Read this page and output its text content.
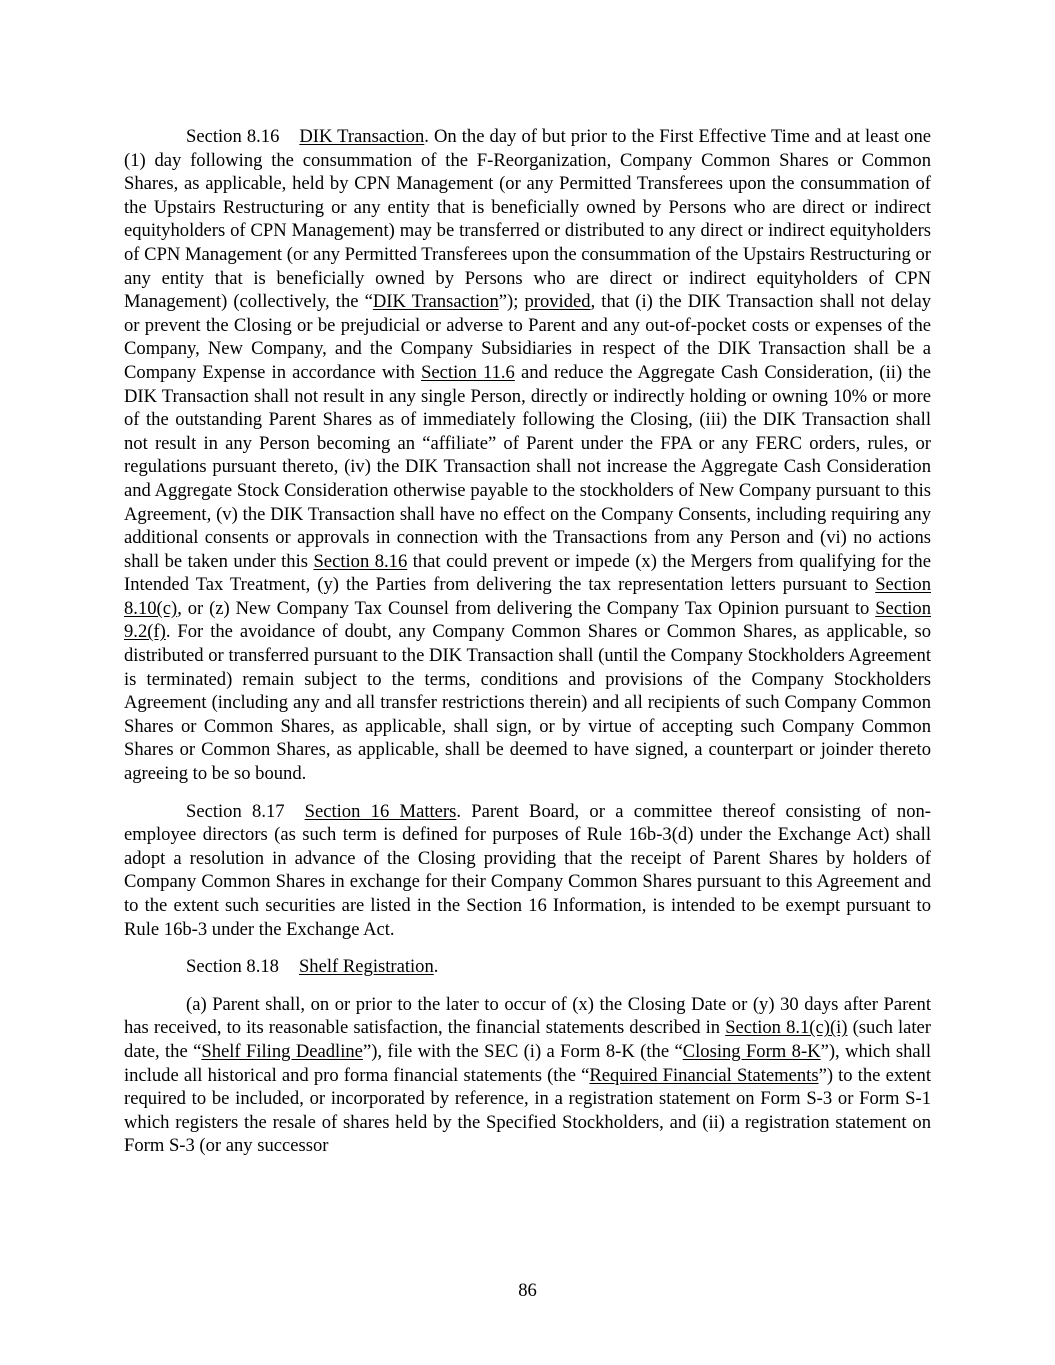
Section 8.16 DIK Transaction. On the day of but prior to the First Effective Time and at least one (1) day following the consummation of the F-Reorganization, Company Common Shares or Common Shares, as applicable, held by CPN Management (or any Permitted Transferees upon the consummation of the Upstairs Restructuring or any entity that is beneficially owned by Persons who are direct or indirect equityholders of CPN Management) may be transferred or distributed to any direct or indirect equityholders of CPN Management (or any Permitted Transferees upon the consummation of the Upstairs Restructuring or any entity that is beneficially owned by Persons who are direct or indirect equityholders of CPN Management) (collectively, the “DIK Transaction”); provided, that (i) the DIK Transaction shall not delay or prevent the Closing or be prejudicial or adverse to Parent and any out-of-pocket costs or expenses of the Company, New Company, and the Company Subsidiaries in respect of the DIK Transaction shall be a Company Expense in accordance with Section 11.6 and reduce the Aggregate Cash Consideration, (ii) the DIK Transaction shall not result in any single Person, directly or indirectly holding or owning 10% or more of the outstanding Parent Shares as of immediately following the Closing, (iii) the DIK Transaction shall not result in any Person becoming an “affiliate” of Parent under the FPA or any FERC orders, rules, or regulations pursuant thereto, (iv) the DIK Transaction shall not increase the Aggregate Cash Consideration and Aggregate Stock Consideration otherwise payable to the stockholders of New Company pursuant to this Agreement, (v) the DIK Transaction shall have no effect on the Company Consents, including requiring any additional consents or approvals in connection with the Transactions from any Person and (vi) no actions shall be taken under this Section 8.16 that could prevent or impede (x) the Mergers from qualifying for the Intended Tax Treatment, (y) the Parties from delivering the tax representation letters pursuant to Section 8.10(c), or (z) New Company Tax Counsel from delivering the Company Tax Opinion pursuant to Section 9.2(f). For the avoidance of doubt, any Company Common Shares or Common Shares, as applicable, so distributed or transferred pursuant to the DIK Transaction shall (until the Company Stockholders Agreement is terminated) remain subject to the terms, conditions and provisions of the Company Stockholders Agreement (including any and all transfer restrictions therein) and all recipients of such Company Common Shares or Common Shares, as applicable, shall sign, or by virtue of accepting such Company Common Shares or Common Shares, as applicable, shall be deemed to have signed, a counterpart or joinder thereto agreeing to be so bound.

Section 8.17 Section 16 Matters. Parent Board, or a committee thereof consisting of non-employee directors (as such term is defined for purposes of Rule 16b-3(d) under the Exchange Act) shall adopt a resolution in advance of the Closing providing that the receipt of Parent Shares by holders of Company Common Shares in exchange for their Company Common Shares pursuant to this Agreement and to the extent such securities are listed in the Section 16 Information, is intended to be exempt pursuant to Rule 16b-3 under the Exchange Act.

Section 8.18 Shelf Registration.

(a) Parent shall, on or prior to the later to occur of (x) the Closing Date or (y) 30 days after Parent has received, to its reasonable satisfaction, the financial statements described in Section 8.1(c)(i) (such later date, the “Shelf Filing Deadline”), file with the SEC (i) a Form 8-K (the “Closing Form 8-K”), which shall include all historical and pro forma financial statements (the “Required Financial Statements”) to the extent required to be included, or incorporated by reference, in a registration statement on Form S-3 or Form S-1 which registers the resale of shares held by the Specified Stockholders, and (ii) a registration statement on Form S-3 (or any successor

86
